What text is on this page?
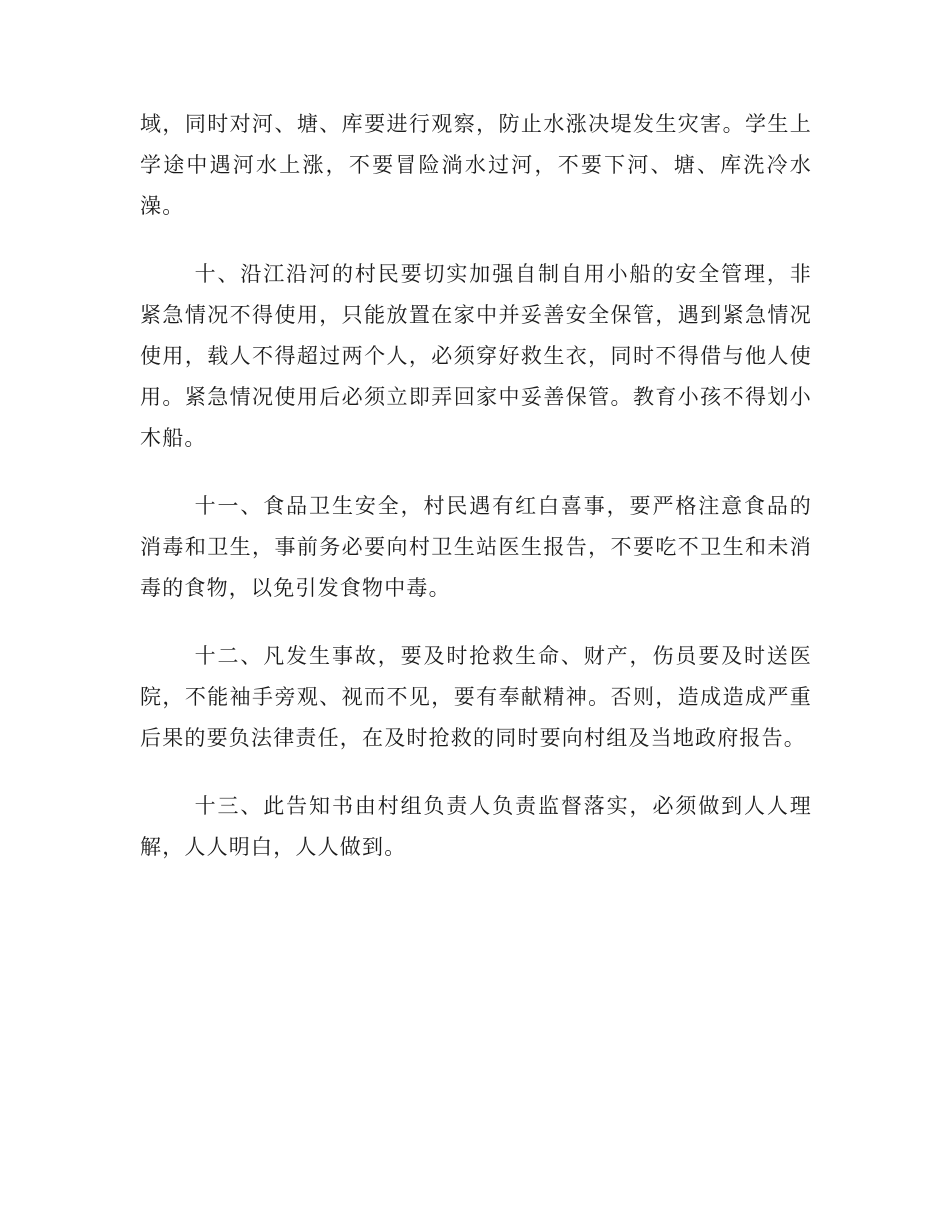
域，同时对河、塘、库要进行观察，防止水涨决堤发生灾害。学生上学途中遇河水上涨，不要冒险淌水过河，不要下河、塘、库洗冷水澡。

十、沿江沿河的村民要切实加强自制自用小船的安全管理，非紧急情况不得使用，只能放置在家中并妥善安全保管，遇到紧急情况使用，载人不得超过两个人，必须穿好救生衣，同时不得借与他人使用。紧急情况使用后必须立即弄回家中妥善保管。教育小孩不得划小木船。

十一、食品卫生安全，村民遇有红白喜事，要严格注意食品的消毒和卫生，事前务必要向村卫生站医生报告，不要吃不卫生和未消毒的食物，以免引发食物中毒。

十二、凡发生事故，要及时抢救生命、财产，伤员要及时送医院，不能袖手旁观、视而不见，要有奉献精神。否则，造成造成严重后果的要负法律责任，在及时抢救的同时要向村组及当地政府报告。

十三、此告知书由村组负责人负责监督落实，必须做到人人理解，人人明白，人人做到。
